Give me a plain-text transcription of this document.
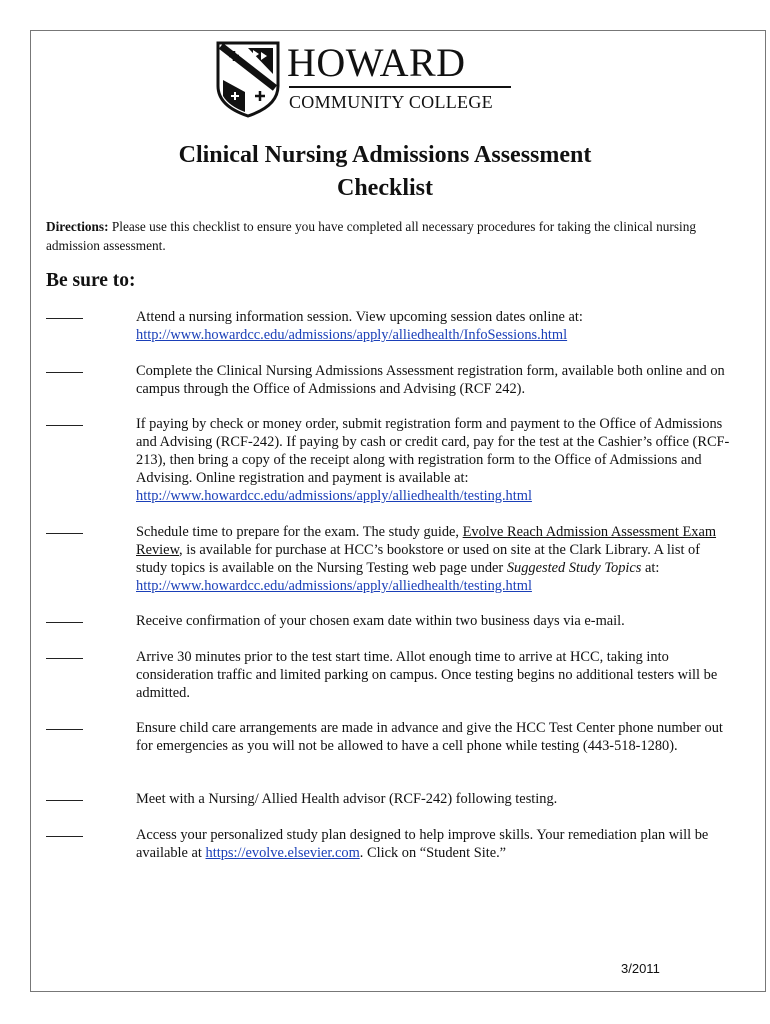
HOWARD
COMMUNITY COLLEGE
Clinical Nursing Admissions Assessment
Checklist
Directions: Please use this checklist to ensure you have completed all necessary procedures for taking the clinical nursing admission assessment.
Be sure to:
Attend a nursing information session. View upcoming session dates online at:
http://www.howardcc.edu/admissions/apply/alliedhealth/InfoSessions.html
Complete the Clinical Nursing Admissions Assessment registration form, available both online and on campus through the Office of Admissions and Advising (RCF 242).
If paying by check or money order, submit registration form and payment to the Office of Admissions and Advising (RCF-242). If paying by cash or credit card, pay for the test at the Cashier’s office (RCF-213), then bring a copy of the receipt along with registration form to the Office of Admissions and Advising. Online registration and payment is available at:
http://www.howardcc.edu/admissions/apply/alliedhealth/testing.html
Schedule time to prepare for the exam. The study guide, Evolve Reach Admission Assessment Exam Review, is available for purchase at HCC’s bookstore or used on site at the Clark Library. A list of study topics is available on the Nursing Testing web page under Suggested Study Topics at: http://www.howardcc.edu/admissions/apply/alliedhealth/testing.html
Receive confirmation of your chosen exam date within two business days via e-mail.
Arrive 30 minutes prior to the test start time. Allot enough time to arrive at HCC, taking into consideration traffic and limited parking on campus. Once testing begins no additional testers will be admitted.
Ensure child care arrangements are made in advance and give the HCC Test Center phone number out for emergencies as you will not be allowed to have a cell phone while testing (443-518-1280).
Meet with a Nursing/ Allied Health advisor (RCF-242) following testing.
Access your personalized study plan designed to help improve skills. Your remediation plan will be available at https://evolve.elsevier.com. Click on “Student Site.”
3/2011
